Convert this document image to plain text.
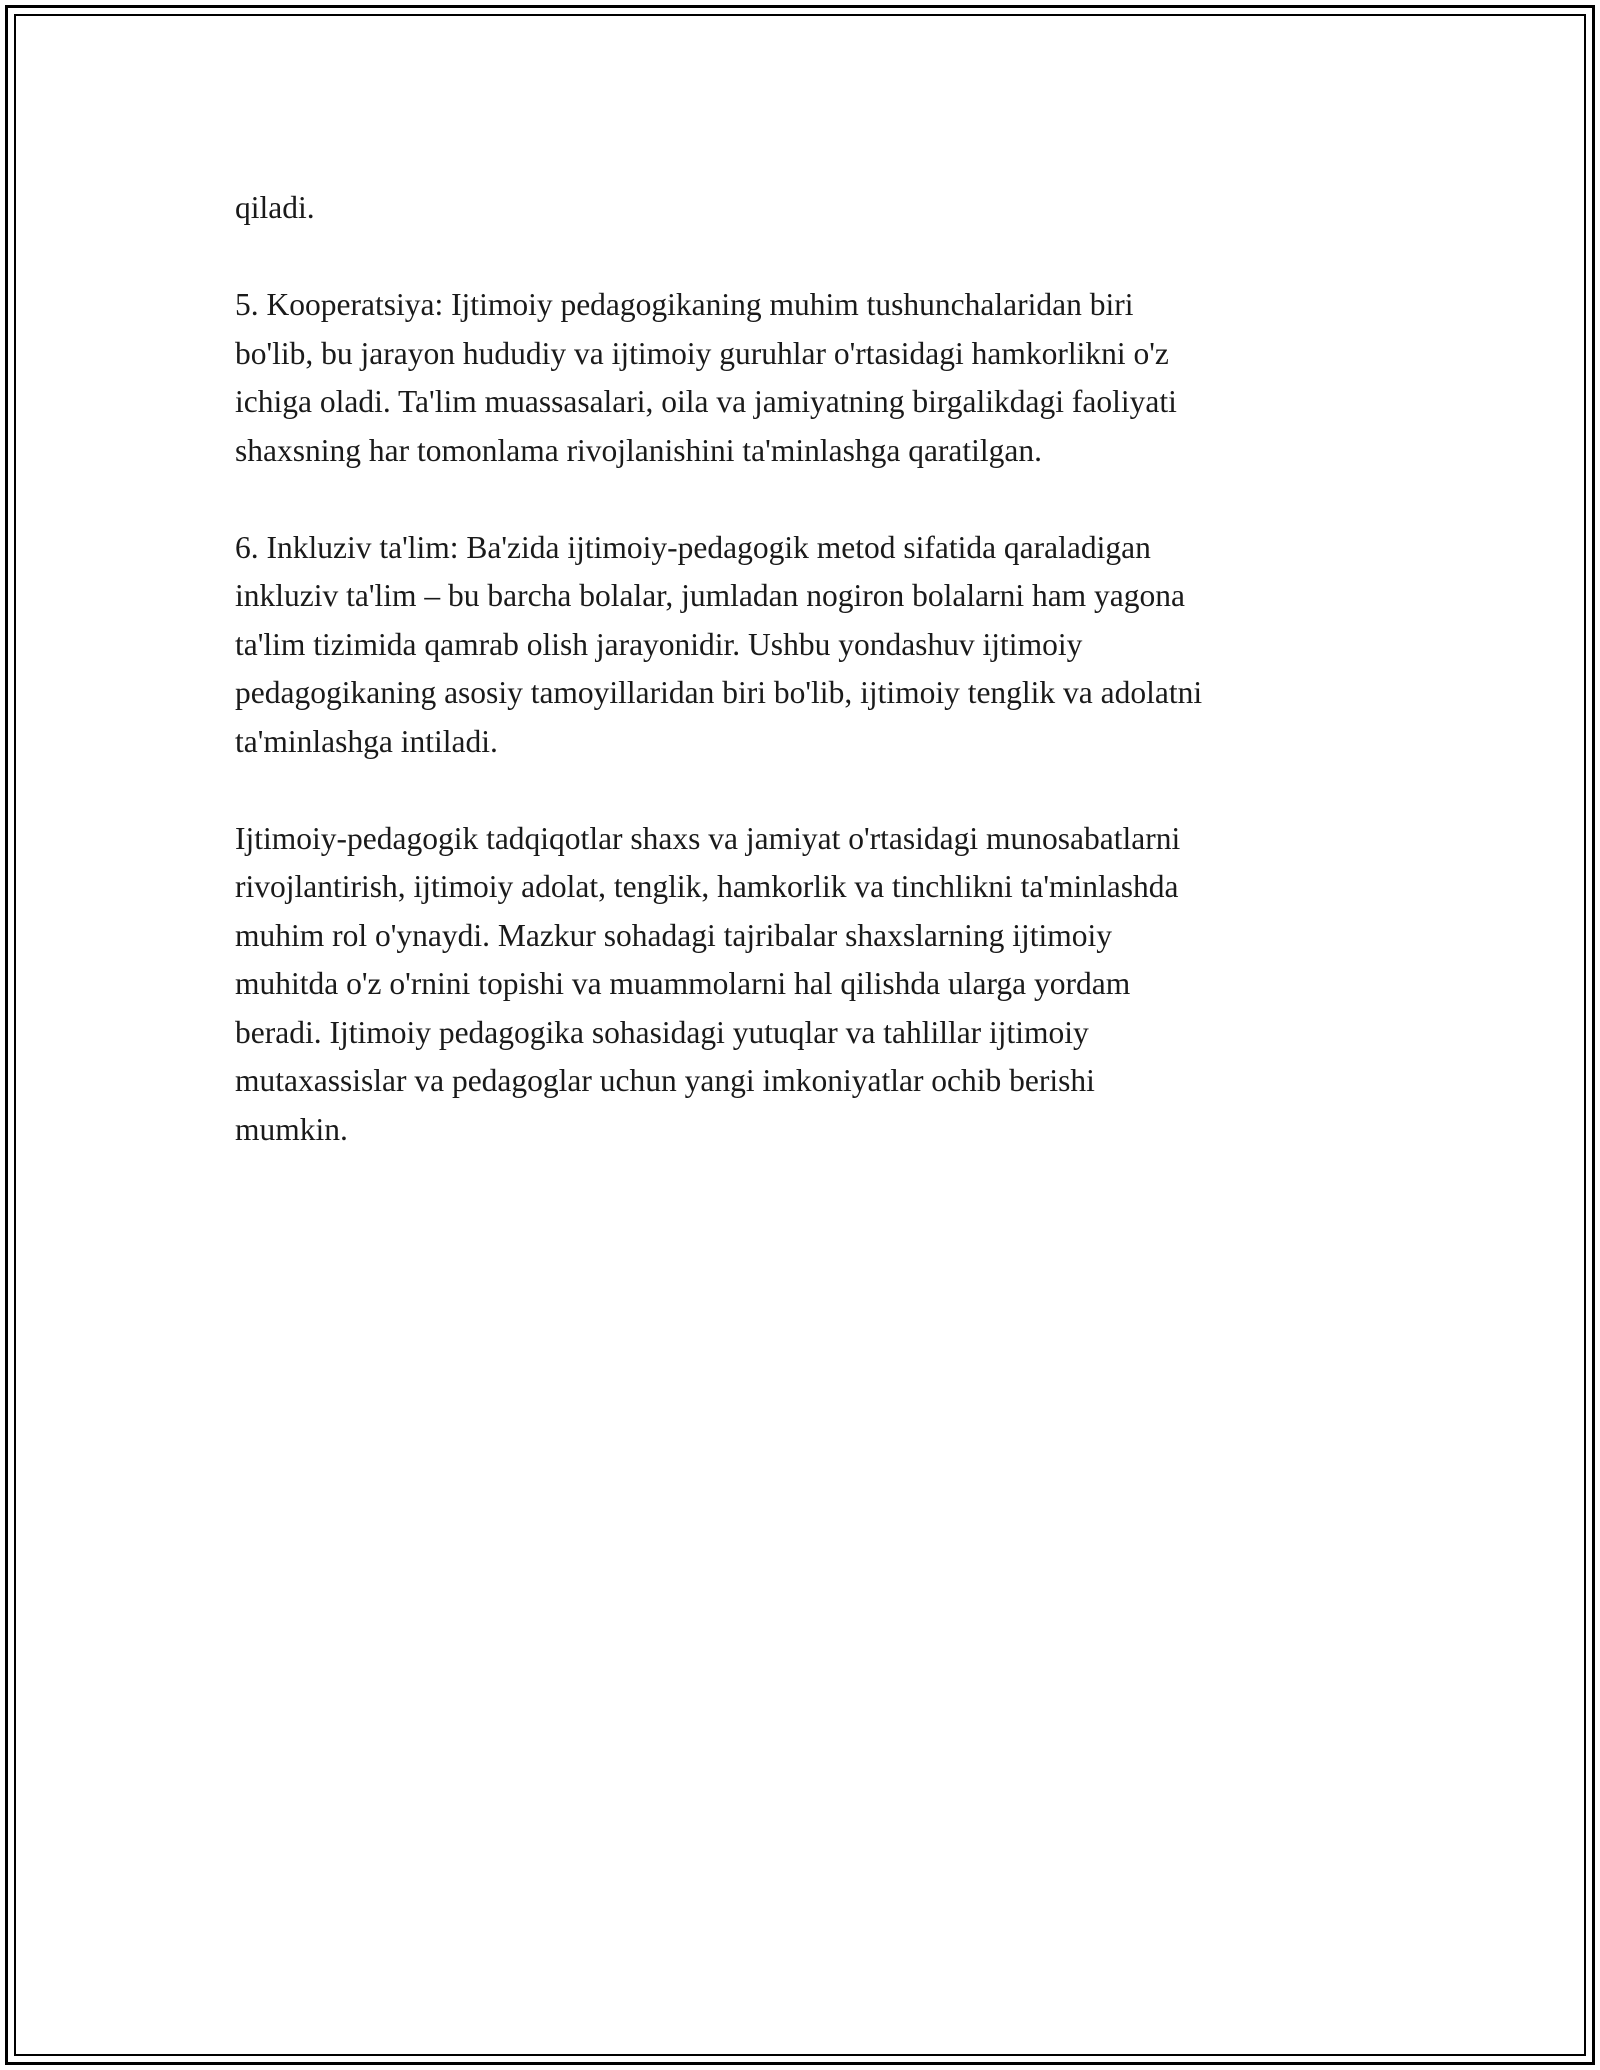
qiladi.

5. Kooperatsiya: Ijtimoiy pedagogikaning muhim tushunchalaridan biri
bo'lib, bu jarayon hududiy va ijtimoiy guruhlar o'rtasidagi hamkorlikni o'z
ichiga oladi. Ta'lim muassasalari, oila va jamiyatning birgalikdagi faoliyati
shaxsning har tomonlama rivojlanishini ta'minlashga qaratilgan.

6. Inkluziv ta'lim: Ba'zida ijtimoiy-pedagogik metod sifatida qaraladigan
inkluziv ta'lim – bu barcha bolalar, jumladan nogiron bolalarni ham yagona
ta'lim tizimida qamrab olish jarayonidir. Ushbu yondashuv ijtimoiy
pedagogikaning asosiy tamoyillaridan biri bo'lib, ijtimoiy tenglik va adolatni
ta'minlashga intiladi.

Ijtimoiy-pedagogik tadqiqotlar shaxs va jamiyat o'rtasidagi munosabatlarni
rivojlantirish, ijtimoiy adolat, tenglik, hamkorlik va tinchlikni ta'minlashda
muhim rol o'ynaydi. Mazkur sohadagi tajribalar shaxslarning ijtimoiy
muhitda o'z o'rnini topishi va muammolarni hal qilishda ularga yordam
beradi. Ijtimoiy pedagogika sohasidagi yutuqlar va tahlillar ijtimoiy
mutaxassislar va pedagoglar uchun yangi imkoniyatlar ochib berishi
mumkin.
